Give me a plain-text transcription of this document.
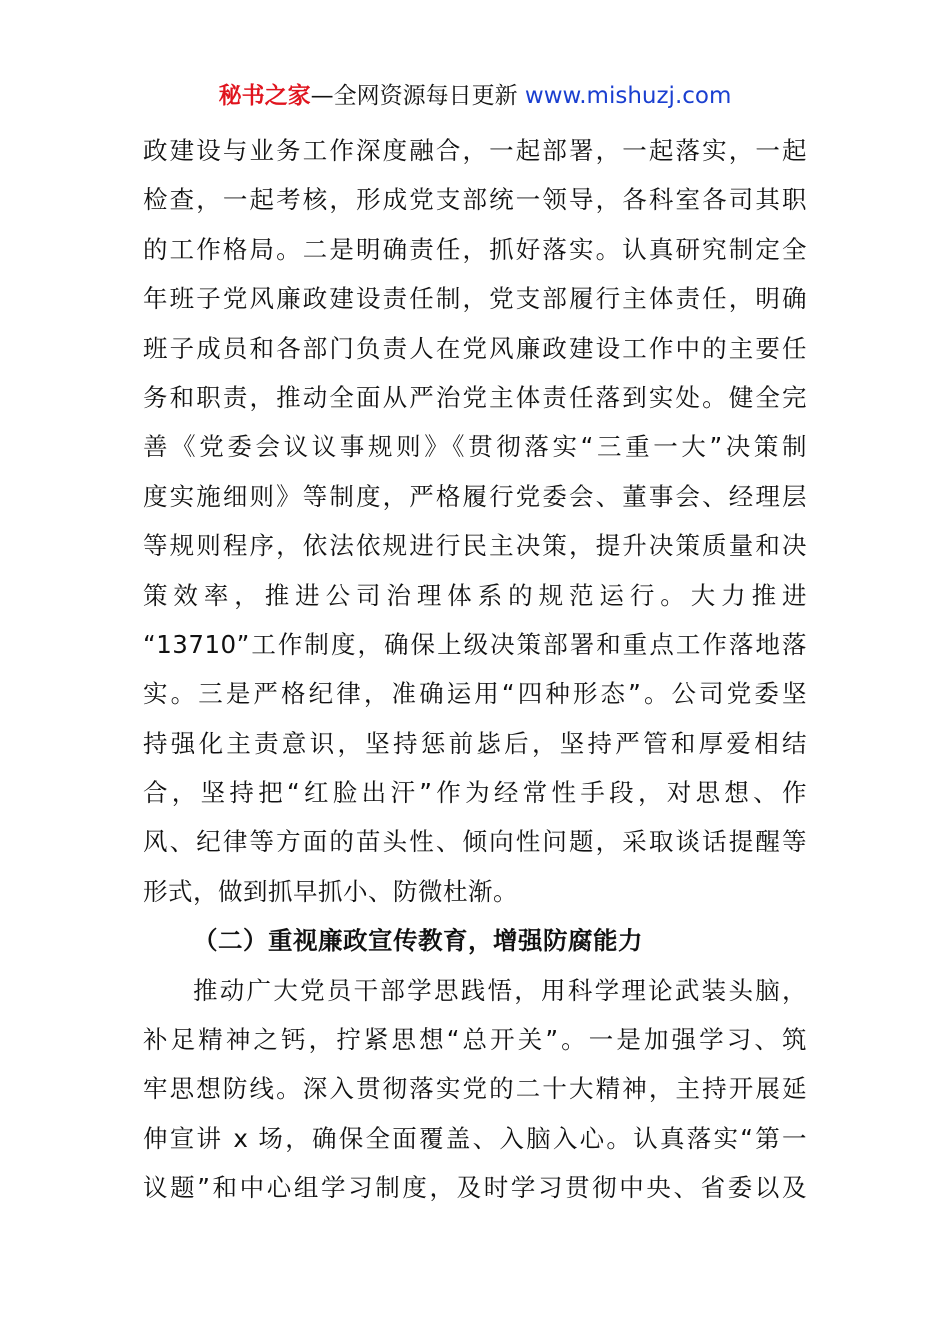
秘书之家—全网资源每日更新 www.mishuzj.com
政建设与业务工作深度融合，一起部署，一起落实，一起
检查，一起考核，形成党支部统一领导，各科室各司其职
的工作格局。二是明确责任，抓好落实。认真研究制定全
年班子党风廉政建设责任制，党支部履行主体责任，明确
班子成员和各部门负责人在党风廉政建设工作中的主要任
务和职责，推动全面从严治党主体责任落到实处。健全完
善《党委会议议事规则》《贯彻落实“三重一大”决策制
度实施细则》等制度，严格履行党委会、董事会、经理层
等规则程序，依法依规进行民主决策，提升决策质量和决
策效率，推进公司治理体系的规范运行。大力推进
“13710”工作制度，确保上级决策部署和重点工作落地落
实。三是严格纪律，准确运用“四种形态”。公司党委坚
持强化主责意识，坚持惩前毖后，坚持严管和厚爱相结
合，坚持把“红脸出汗”作为经常性手段，对思想、作
风、纪律等方面的苗头性、倾向性问题，采取谈话提醒等
形式，做到抓早抓小、防微杜渐。
（二）重视廉政宣传教育，增强防腐能力
推动广大党员干部学思践悟，用科学理论武装头脑，
补足精神之钙，拧紧思想“总开关”。一是加强学习、筑
牢思想防线。深入贯彻落实党的二十大精神，主持开展延
伸宣讲 x 场，确保全面覆盖、入脑入心。认真落实“第一
议题”和中心组学习制度，及时学习贯彻中央、省委以及
